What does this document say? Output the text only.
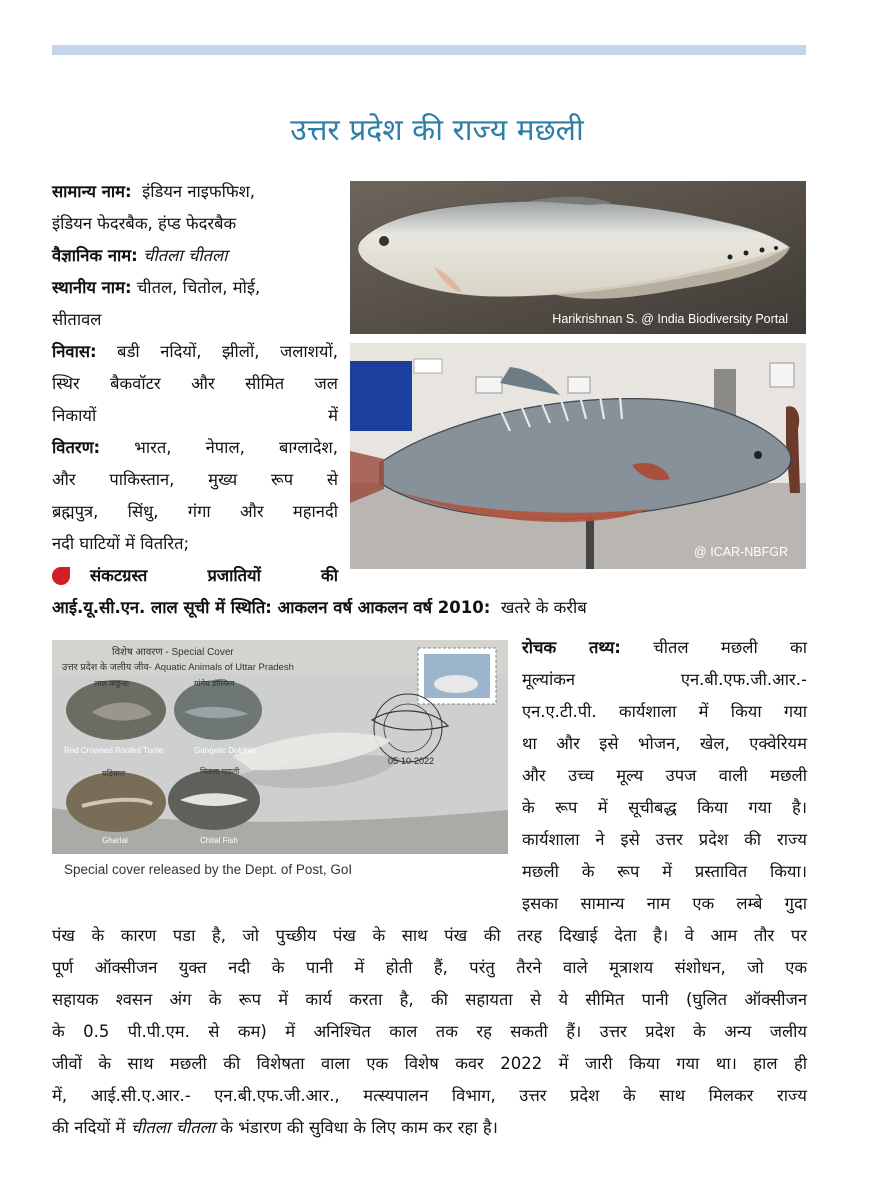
उत्तर प्रदेश की राज्य मछली
सामान्य नाम: इंडियन नाइफफिश,
इंडियन फेदरबैक, हंप्ड फेदरबैक
वैज्ञानिक नाम: चीतला चीतला
स्थानीय नाम: चीतल, चितोल, मोई,
सीतावल
निवास: बडी नदियों, झीलों, जलाशयों,
स्थिर बैकवॉटर और सीमित जल
निकायों में
वितरण: भारत, नेपाल, बाग्लादेश,
और पाकिस्तान, मुख्य रूप से
ब्रह्मपुत्र, सिंधु, गंगा और महानदी
नदी घाटियों में वितरित;
संकटग्रस्त प्रजातियों की
आई.यू.सी.एन. लाल सूची में स्थिति: आकलन वर्ष आकलन वर्ष 2010: खतरे के करीब
Harikrishnan S. @ India Biodiversity Portal
@ ICAR-NBFGR
विशेष आवरण - Special Cover
उत्तर प्रदेश के जलीय जीव- Aquatic Animals of Uttar Pradesh
लाल कछुआ
Red Crowned Roofed Turtle
गांगेय डॉल्फिन
Gangetic Dolphin
घड़ियाल
Gharial
चितला मछली
Chital Fish
05-10-2022
Special cover released by the Dept. of Post, GoI
रोचक तथ्य: चीतल मछली का
मूल्यांकन एन.बी.एफ.जी.आर.-
एन.ए.टी.पी. कार्यशाला में किया गया
था और इसे भोजन, खेल, एक्वेरियम
और उच्च मूल्य उपज वाली मछली
के रूप में सूचीबद्ध किया गया है।
कार्यशाला ने इसे उत्तर प्रदेश की राज्य
मछली के रूप में प्रस्तावित किया।
इसका सामान्य नाम एक लम्बे गुदा
पंख के कारण पडा है, जो पुच्छीय पंख के साथ पंख की तरह दिखाई देता है। वे आम तौर पर
पूर्ण ऑक्सीजन युक्त नदी के पानी में होती हैं, परंतु तैरने वाले मूत्राशय संशोधन, जो एक
सहायक श्वसन अंग के रूप में कार्य करता है, की सहायता से ये सीमित पानी (घुलित ऑक्सीजन
के 0.5 पी.पी.एम. से कम) में अनिश्चित काल तक रह सकती हैं। उत्तर प्रदेश के अन्य जलीय
जीवों के साथ मछली की विशेषता वाला एक विशेष कवर 2022 में जारी किया गया था। हाल ही
में, आई.सी.ए.आर.- एन.बी.एफ.जी.आर., मत्स्यपालन विभाग, उत्तर प्रदेश के साथ मिलकर राज्य
की नदियों में चीतला चीतला के भंडारण की सुविधा के लिए काम कर रहा है।
